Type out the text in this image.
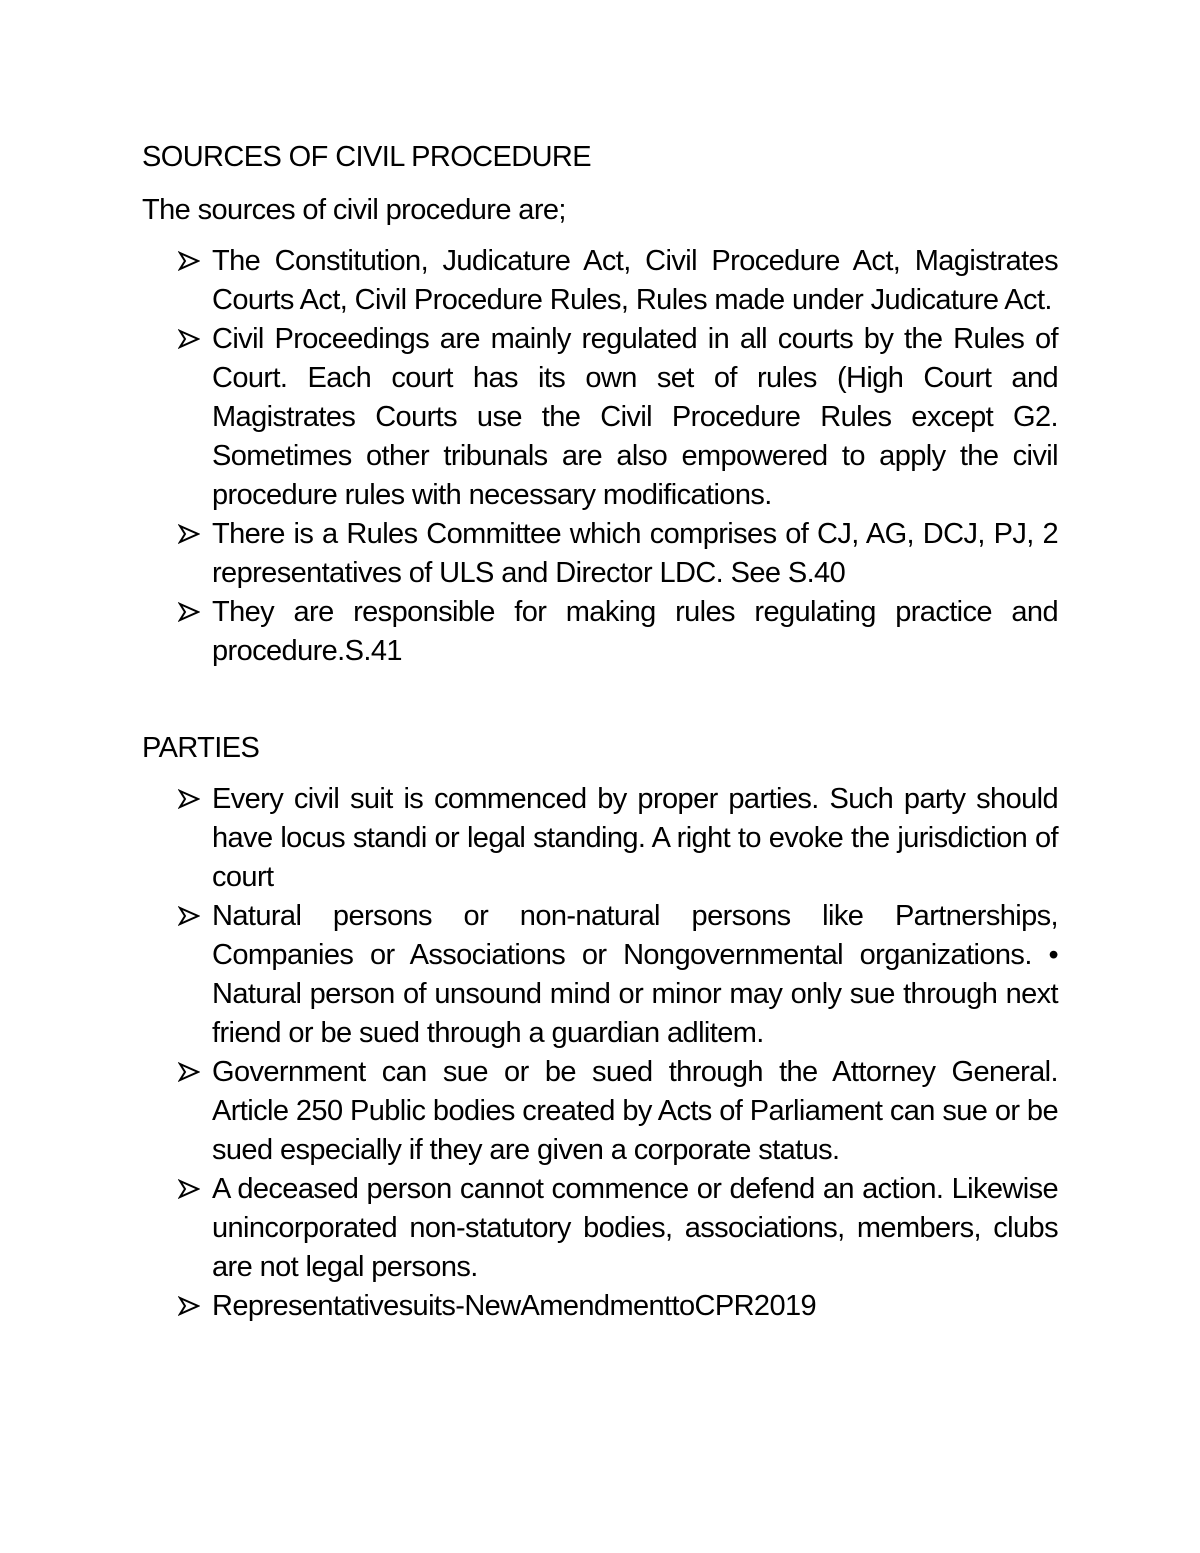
SOURCES OF CIVIL PROCEDURE

The sources of civil procedure are;

The Constitution, Judicature Act, Civil Procedure Act, Magistrates Courts Act, Civil Procedure Rules, Rules made under Judicature Act.
Civil Proceedings are mainly regulated in all courts by the Rules of Court. Each court has its own set of rules (High Court and Magistrates Courts use the Civil Procedure Rules except G2. Sometimes other tribunals are also empowered to apply the civil procedure rules with necessary modifications.
There is a Rules Committee which comprises of CJ, AG, DCJ, PJ, 2 representatives of ULS and Director LDC. See S.40
They are responsible for making rules regulating practice and procedure.S.41
PARTIES
Every civil suit is commenced by proper parties. Such party should have locus standi or legal standing. A right to evoke the jurisdiction of court
Natural persons or non-natural persons like Partnerships, Companies or Associations or Nongovernmental organizations. • Natural person of unsound mind or minor may only sue through next friend or be sued through a guardian adlitem.
Government can sue or be sued through the Attorney General. Article 250 Public bodies created by Acts of Parliament can sue or be sued especially if they are given a corporate status.
A deceased person cannot commence or defend an action. Likewise unincorporated non-statutory bodies, associations, members, clubs are not legal persons.
Representativesuits-NewAmendmenttoCPR2019
